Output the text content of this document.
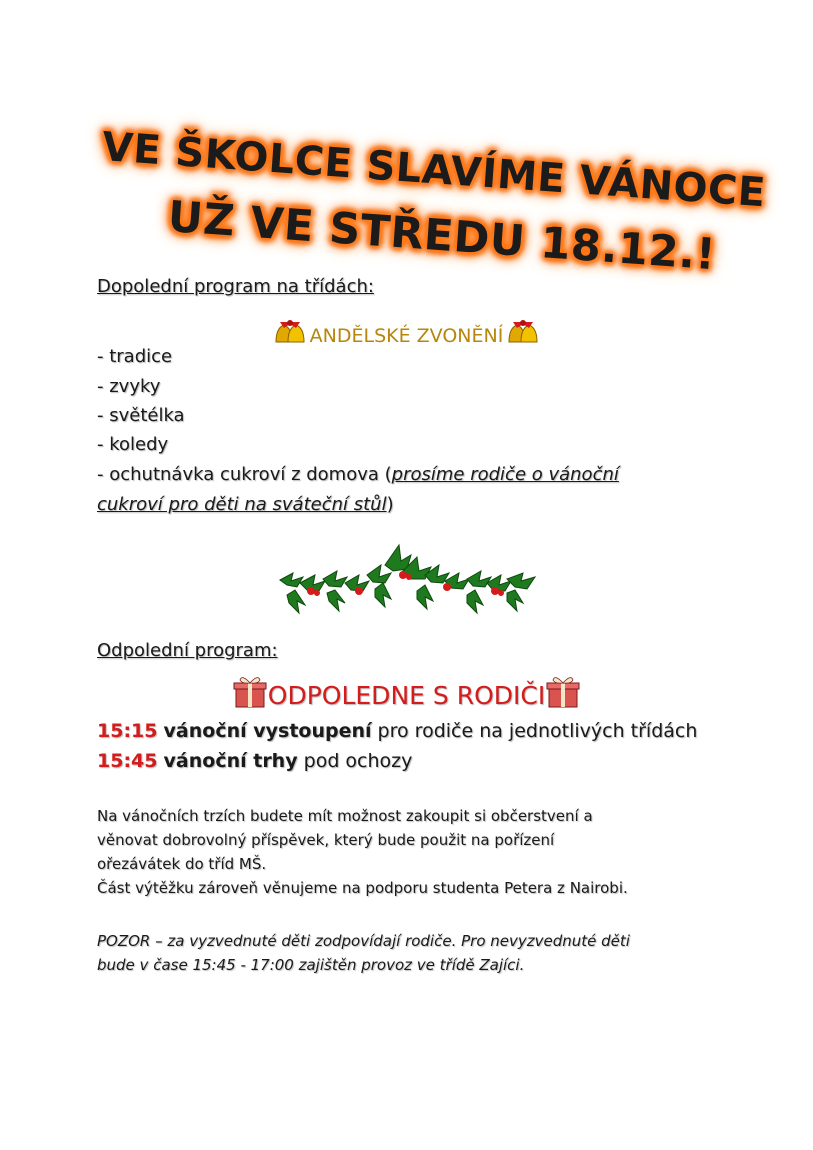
VE ŠKOLCE SLAVÍME VÁNOCE
UŽ VE STŘEDU 18.12.!
Dopolední program na třídách:
ANDĚLSKÉ ZVONĚNÍ
- tradice
- zvyky
- světélka
- koledy
- ochutnávka cukroví z domova (prosíme rodiče o vánoční
cukroví pro děti na sváteční stůl)
Odpolední program:
ODPOLEDNE S RODIČI
15:15 vánoční vystoupení pro rodiče na jednotlivých třídách
15:45 vánoční trhy pod ochozy
Na vánočních trzích budete mít možnost zakoupit si občerstvení a
věnovat dobrovolný příspěvek, který bude použit na pořízení
ořezávátek do tříd MŠ.
Část výtěžku zároveň věnujeme na podporu studenta Petera z Nairobi.
POZOR – za vyzvednuté děti zodpovídají rodiče. Pro nevyzvednuté děti
bude v čase 15:45 - 17:00 zajištěn provoz ve třídě Zajíci.
